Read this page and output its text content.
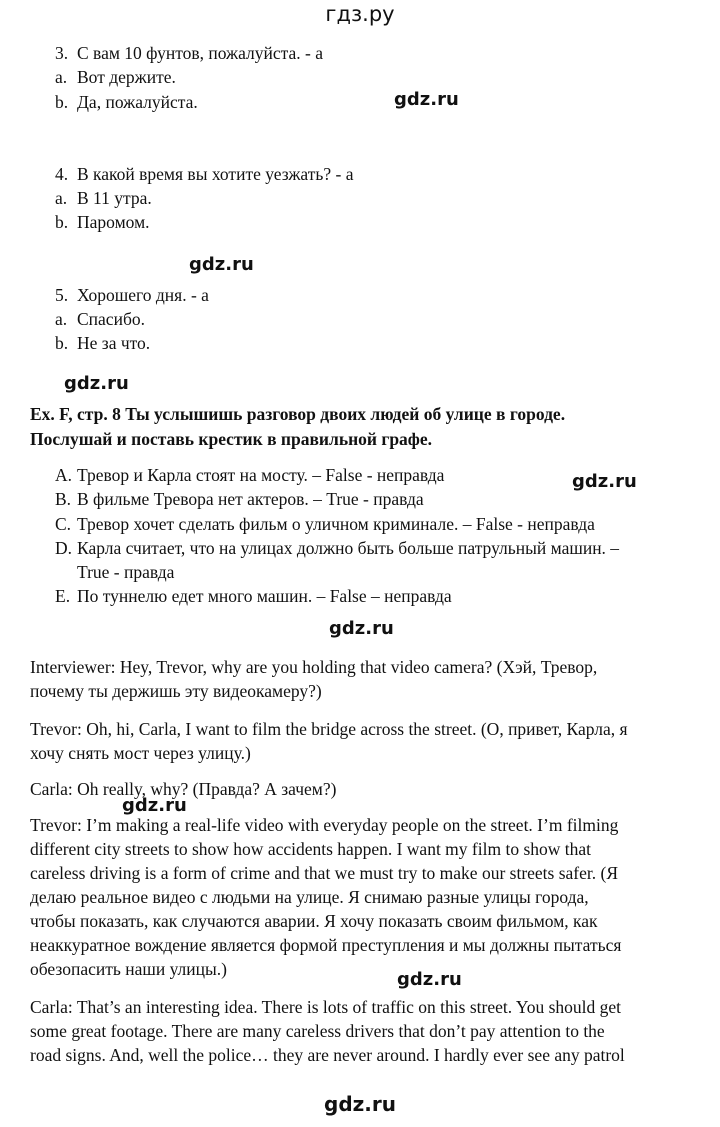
гдз.ру
3. С вам 10 фунтов, пожалуйста. - a
a. Вот держите.
b. Да, пожалуйста.	gdz.ru
4. В какой время вы хотите уезжать? - a
a. В 11 утра.
b. Паромом.
gdz.ru
5. Хорошего дня. - a
a. Спасибо.
b. Не за что.
gdz.ru
Ex. F, стр. 8 Ты услышишь разговор двоих людей об улице в городе.
Послушай и поставь крестик в правильной графе.
A. Тревор и Карла стоят на мосту. – False - неправда	gdz.ru
B. В фильме Тревора нет актеров. – True - правда
C. Тревор хочет сделать фильм о уличном криминале. – False - неправда
D. Карла считает, что на улицах должно быть больше патрульный машин. –
True - правда
E. По туннелю едет много машин. – False – неправда
gdz.ru
Interviewer: Hey, Trevor, why are you holding that video camera? (Хэй, Тревор,
почему ты держишь эту видеокамеру?)
Trevor: Oh, hi, Carla, I want to film the bridge across the street. (О, привет, Карла, я
хочу снять мост через улицу.)
Carla: Oh really, why? (Правда? А зачем?)
gdz.ru
Trevor: I’m making a real-life video with everyday people on the street. I’m filming
different city streets to show how accidents happen. I want my film to show that
careless driving is a form of crime and that we must try to make our streets safer. (Я
делаю реальное видео с людьми на улице. Я снимаю разные улицы города,
чтобы показать, как случаются аварии. Я хочу показать своим фильмом, как
неаккуратное вождение является формой преступления и мы должны пытаться
обезопасить наши улицы.)	gdz.ru
Carla: That’s an interesting idea. There is lots of traffic on this street. You should get
some great footage. There are many careless drivers that don’t pay attention to the
road signs. And, well the police… they are never around. I hardly ever see any patrol
gdz.ru
